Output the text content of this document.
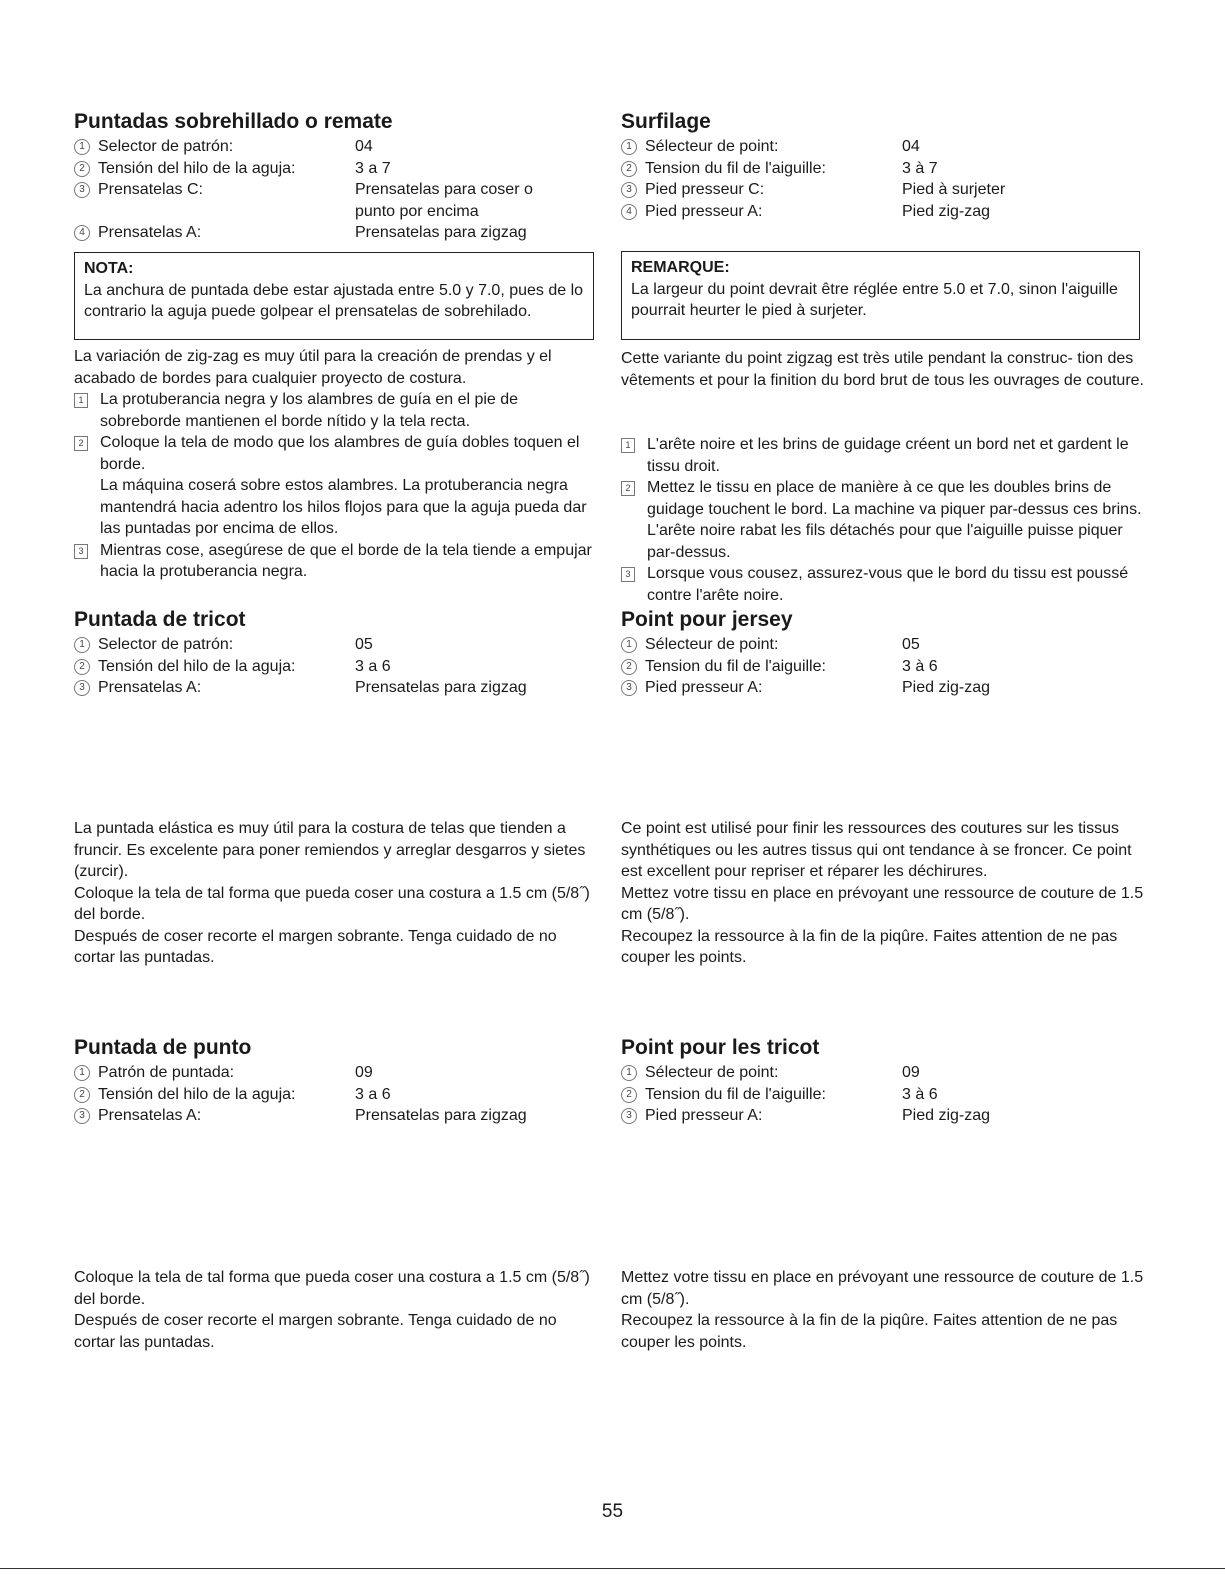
Puntadas sobrehillado o remate
1 Selector de patrón:	04
2 Tensión del hilo de la aguja:	3 a 7
3 Prensatelas C:	Prensatelas para coser o punto por encima
4 Prensatelas A:	Prensatelas para zigzag
NOTA:
La anchura de puntada debe estar ajustada entre 5.0 y 7.0, pues de lo contrario la aguja puede golpear el prensatelas de sobrehilado.

La variación de zig-zag es muy útil para la creación de prendas y el acabado de bordes para cualquier proyecto de costura.

1 La protuberancia negra y los alambres de guía en el pie de sobreborde mantienen el borde nítido y la tela recta.
2 Coloque la tela de modo que los alambres de guía dobles toquen el borde.
La máquina coserá sobre estos alambres. La protuberancia negra mantendrá hacia adentro los hilos flojos para que la aguja pueda dar las puntadas por encima de ellos.
3 Mientras cose, asegúrese de que el borde de la tela tiende a empujar hacia la protuberancia negra.
Surfilage
1 Sélecteur de point:	04
2 Tension du fil de l'aiguille:	3 à 7
3 Pied presseur C:	Pied à surjeter
4 Pied presseur A:	Pied zig-zag
REMARQUE:
La largeur du point devrait être réglée entre 5.0 et 7.0, sinon l'aiguille pourrait heurter le pied à surjeter.

Cette variante du point zigzag est très utile pendant la construc- tion des vêtements et pour la finition du bord brut de tous les ouvrages de couture.

1 L'arête noire et les brins de guidage créent un bord net et gardent le tissu droit.
2 Mettez le tissu en place de manière à ce que les doubles brins de guidage touchent le bord. La machine va piquer par-dessus ces brins. L'arête noire rabat les fils détachés pour que l'aiguille puisse piquer par-dessus.
3 Lorsque vous cousez, assurez-vous que le bord du tissu est poussé contre l'arête noire.
Puntada de tricot
1 Selector de patrón:	05
2 Tensión del hilo de la aguja:	3 a 6
3 Prensatelas A:	Prensatelas para zigzag
Point pour jersey
1 Sélecteur de point:	05
2 Tension du fil de l'aiguille:	3 à 6
3 Pied presseur A:	Pied zig-zag

La puntada elástica es muy útil para la costura de telas que tienden a fruncir. Es excelente para poner remiendos y arreglar desgarros y sietes (zurcir).

Coloque la tela de tal forma que pueda coser una costura a 1.5 cm (5/8˝) del borde.

Después de coser recorte el margen sobrante. Tenga cuidado de no cortar las puntadas.

Ce point est utilisé pour finir les ressources des coutures sur les tissus synthétiques ou les autres tissus qui ont tendance à se froncer. Ce point est excellent pour repriser et réparer les déchirures.

Mettez votre tissu en place en prévoyant une ressource de couture de 1.5 cm (5/8˝).

Recoupez la ressource à la fin de la piqûre. Faites attention de ne pas couper les points.

Puntada de punto
1 Patrón de puntada:	09
2 Tensión del hilo de la aguja:	3 a 6
3 Prensatelas A:	Prensatelas para zigzag
Point pour les tricot
1 Sélecteur de point:	09
2 Tension du fil de l'aiguille:	3 à 6
3 Pied presseur A:	Pied zig-zag

Coloque la tela de tal forma que pueda coser una costura a 1.5 cm (5/8˝) del borde.

Después de coser recorte el margen sobrante. Tenga cuidado de no cortar las puntadas.

Mettez votre tissu en place en prévoyant une ressource de couture de 1.5 cm (5/8˝).

Recoupez la ressource à la fin de la piqûre. Faites attention de ne pas couper les points.

55
